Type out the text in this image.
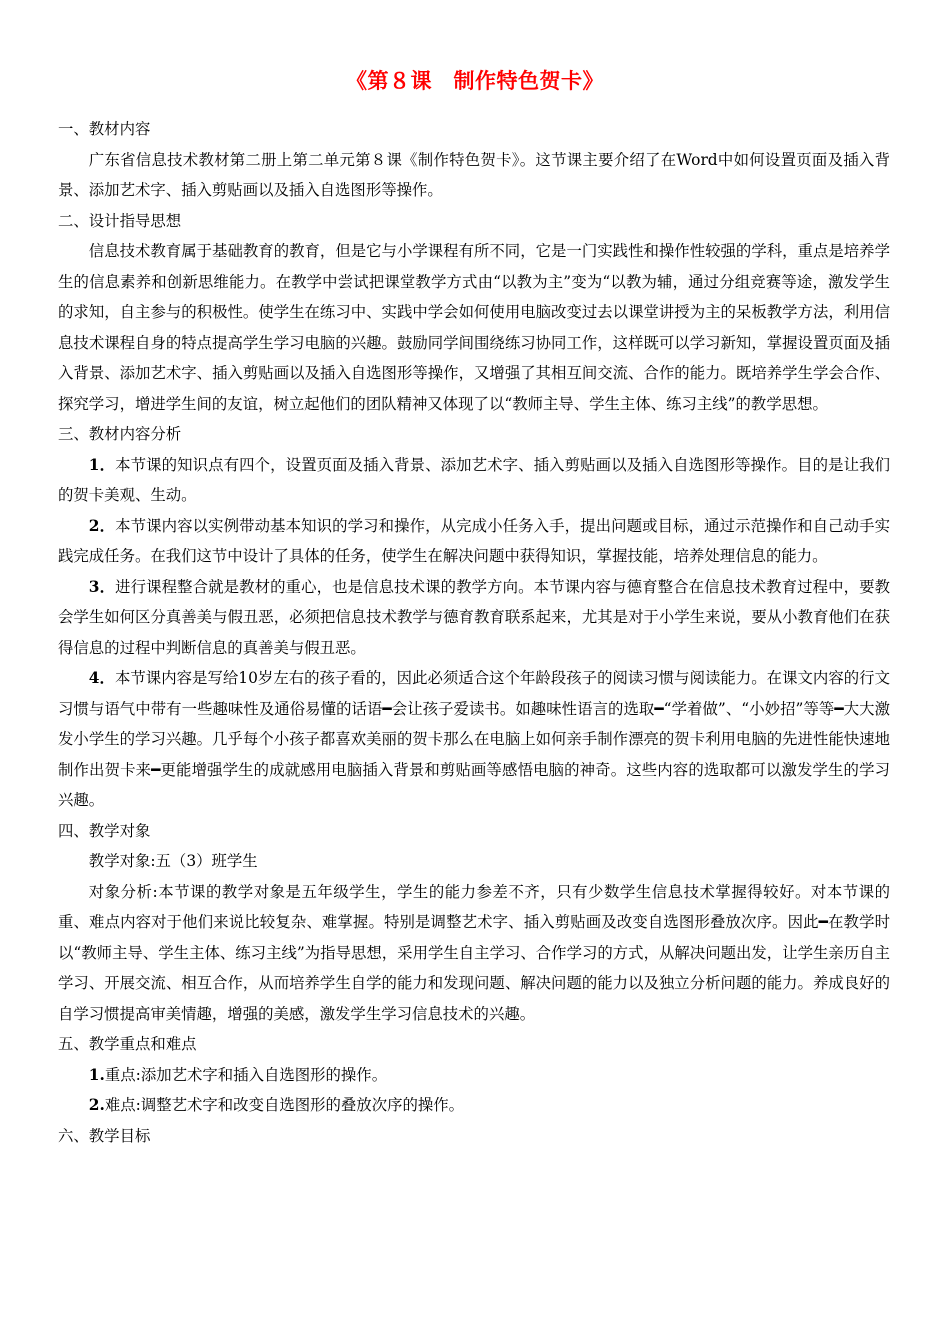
《第８课　制作特色贺卡》

一、教材内容

广东省信息技术教材第二册上第二单元第８课《制作特色贺卡》。这节课主要介绍了在Word中如何设置页面及插入背景、添加艺术字、插入剪贴画以及插入自选图形等操作。

二、设计指导思想

信息技术教育属于基础教育的教育，但是它与小学课程有所不同，它是一门实践性和操作性较强的学科，重点是培养学生的信息素养和创新思维能力。在教学中尝试把课堂教学方式由“以教为主”变为“以教为辅，通过分组竞赛等途，激发学生的求知，自主参与的积极性。使学生在练习中、实践中学会如何使用电脑改变过去以课堂讲授为主的呆板教学方法，利用信息技术课程自身的特点提高学生学习电脑的兴趣。鼓励同学间围绕练习协同工作，这样既可以学习新知，掌握设置页面及插入背景、添加艺术字、插入剪贴画以及插入自选图形等操作，又增强了其相互间交流、合作的能力。既培养学生学会合作、探究学习，增进学生间的友谊，树立起他们的团队精神又体现了以“教师主导、学生主体、练习主线”的教学思想。

三、教材内容分析

1．本节课的知识点有四个，设置页面及插入背景、添加艺术字、插入剪贴画以及插入自选图形等操作。目的是让我们的贺卡美观、生动。

2．本节课内容以实例带动基本知识的学习和操作，从完成小任务入手，提出问题或目标，通过示范操作和自己动手实践完成任务。在我们这节中设计了具体的任务，使学生在解决问题中获得知识，掌握技能，培养处理信息的能力。

3．进行课程整合就是教材的重心，也是信息技术课的教学方向。本节课内容与德育整合在信息技术教育过程中，要教会学生如何区分真善美与假丑恶，必须把信息技术教学与德育教育联系起来，尤其是对于小学生来说，要从小教育他们在获得信息的过程中判断信息的真善美与假丑恶。

4．本节课内容是写给10岁左右的孩子看的，因此必须适合这个年龄段孩子的阅读习惯与阅读能力。在课文内容的行文习惯与语气中带有一些趣味性及通俗易懂的话语━会让孩子爱读书。如趣味性语言的选取━“学着做”、“小妙招”等等━大大激发小学生的学习兴趣。几乎每个小孩子都喜欢美丽的贺卡那么在电脑上如何亲手制作漂亮的贺卡利用电脑的先进性能快速地制作出贺卡来━更能增强学生的成就感用电脑插入背景和剪贴画等感悟电脑的神奇。这些内容的选取都可以激发学生的学习兴趣。

四、教学对象

教学对象:五（3）班学生

对象分析:本节课的教学对象是五年级学生，学生的能力参差不齐，只有少数学生信息技术掌握得较好。对本节课的重、难点内容对于他们来说比较复杂、难掌握。特别是调整艺术字、插入剪贴画及改变自选图形叠放次序。因此━在教学时以“教师主导、学生主体、练习主线”为指导思想，采用学生自主学习、合作学习的方式，从解决问题出发，让学生亲历自主学习、开展交流、相互合作，从而培养学生自学的能力和发现问题、解决问题的能力以及独立分析问题的能力。养成良好的自学习惯提高审美情趣，增强的美感，激发学生学习信息技术的兴趣。

五、教学重点和难点

1.重点:添加艺术字和插入自选图形的操作。

2.难点:调整艺术字和改变自选图形的叠放次序的操作。

六、教学目标
